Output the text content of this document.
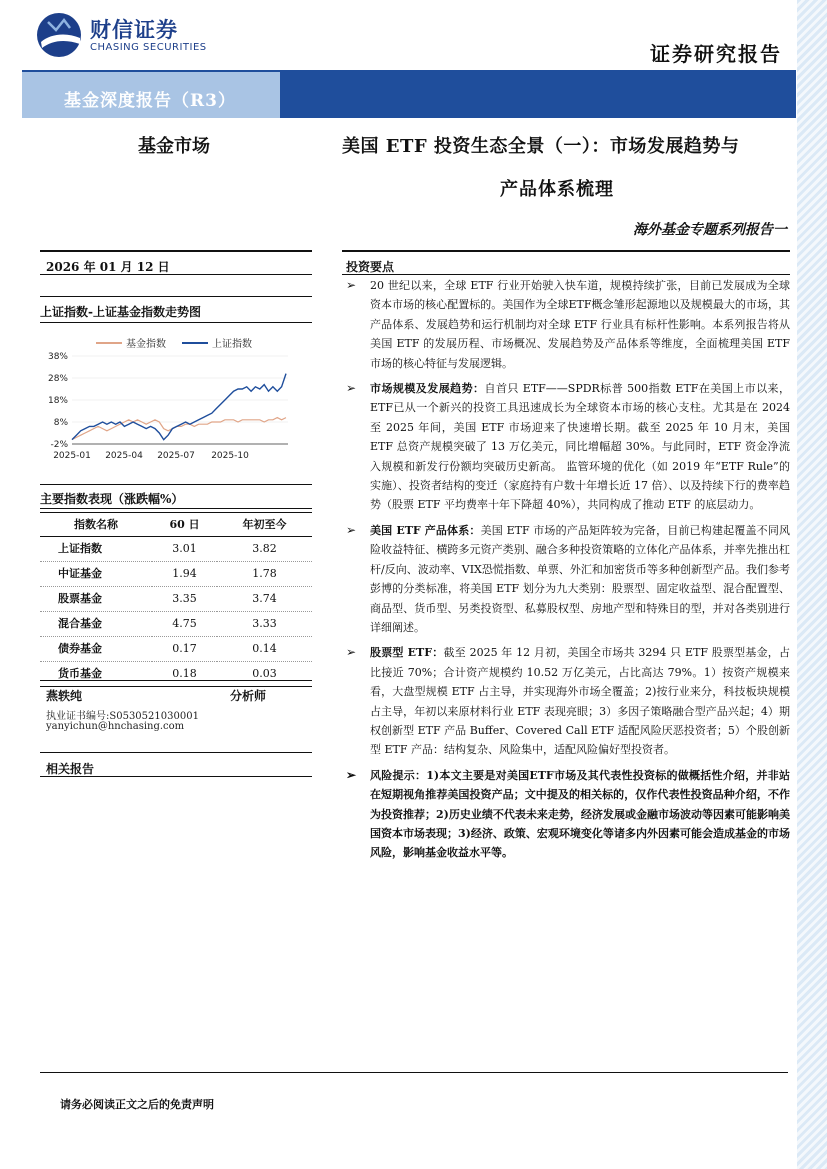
财信证券
CHASING SECURITIES	证券研究报告
基金深度报告（R3）
基金市场	美国 ETF 投资生态全景（一）：市场发展趋势与
产品体系梳理
海外基金专题系列报告一
2026 年 01 月 12 日
上证指数-上证基金指数走势图
38%
28%
18%
8%
-2%
2025-01 2025-04 2025-07 2025-10
基金指数	上证指数
主要指数表现（涨跌幅%）
指数名称	60 日	年初至今
上证指数	3.01	3.82
中证基金	1.94	1.78
股票基金	3.35	3.74
混合基金	4.75	3.33
债券基金	0.17	0.14
货币基金	0.18	0.03
燕轶纯	分析师
执业证书编号:S0530521030001
yanyichun@hnchasing.com
相关报告
投资要点
➢ 20 世纪以来，全球 ETF 行业开始驶入快车道，规模持续扩张，目前已发展成为全球资本市场的核心配置标的。美国作为全球ETF概念雏形起源地以及规模最大的市场，其产品体系、发展趋势和运行机制均对全球 ETF 行业具有标杆性影响。本系列报告将从美国 ETF 的发展历程、市场概况、发展趋势及产品体系等维度，全面梳理美国 ETF 市场的核心特征与发展逻辑。
➢ 市场规模及发展趋势：自首只 ETF——SPDR标普 500指数 ETF在美国上市以来，ETF已从一个新兴的投资工具迅速成长为全球资本市场的核心支柱。尤其是在 2024 至 2025 年间，美国 ETF 市场迎来了快速增长期。截至 2025 年 10 月末，美国 ETF 总资产规模突破了 13 万亿美元，同比增幅超 30%。与此同时，ETF 资金净流入规模和新发行份额均突破历史新高。 监管环境的优化（如 2019 年“ETF Rule”的实施）、投资者结构的变迁（家庭持有户数十年增长近 17 倍）、以及持续下行的费率趋势（股票 ETF 平均费率十年下降超 40%），共同构成了推动 ETF 的底层动力。
➢ 美国 ETF 产品体系：美国 ETF 市场的产品矩阵较为完备，目前已构建起覆盖不同风险收益特征、横跨多元资产类别、融合多种投资策略的立体化产品体系，并率先推出杠杆/反向、波动率、VIX恐慌指数、单票、外汇和加密货币等多种创新型产品。我们参考彭博的分类标准，将美国 ETF 划分为九大类别：股票型、固定收益型、混合配置型、商品型、货币型、另类投资型、私募股权型、房地产型和特殊目的型，并对各类别进行详细阐述。
➢ 股票型 ETF：截至 2025 年 12 月初，美国全市场共 3294 只 ETF 股票型基金，占比接近 70%；合计资产规模约 10.52 万亿美元，占比高达 79%。1）按资产规模来看，大盘型规模 ETF 占主导，并实现海外市场全覆盖；2)按行业来分，科技板块规模占主导，年初以来原材料行业 ETF 表现亮眼；3）多因子策略融合型产品兴起；4）期权创新型 ETF 产品 Buffer、Covered Call ETF 适配风险厌恶投资者；5）个股创新型 ETF 产品：结构复杂、风险集中，适配风险偏好型投资者。
➢ 风险提示：1)本文主要是对美国ETF市场及其代表性投资标的做概括性介绍，并非站在短期视角推荐美国投资产品；文中提及的相关标的，仅作代表性投资品种介绍，不作为投资推荐；2)历史业绩不代表未来走势，经济发展或金融市场波动等因素可能影响美国资本市场表现；3)经济、政策、宏观环境变化等诸多内外因素可能会造成基金的市场风险，影响基金收益水平等。
请务必阅读正文之后的免责声明
